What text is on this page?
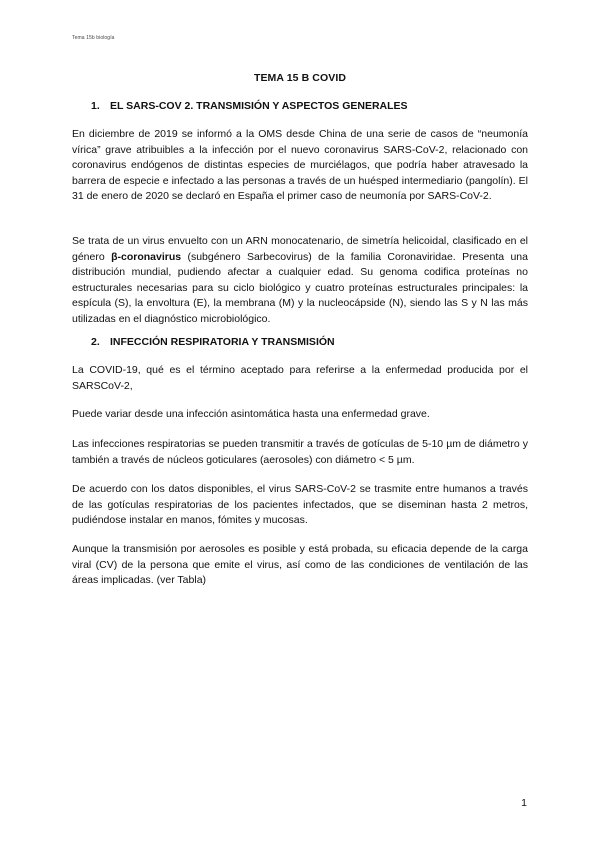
Tema 15b biología
TEMA 15 B COVID
1. EL SARS-COV 2. TRANSMISIÓN Y ASPECTOS GENERALES

En diciembre de 2019 se informó a la OMS desde China de una serie de casos de “neumonía vírica” grave atribuibles a la infección por el nuevo coronavirus SARS-CoV-2, relacionado con coronavirus endógenos de distintas especies de murciélagos, que podría haber atravesado la barrera de especie e infectado a las personas a través de un huésped intermediario (pangolín). El 31 de enero de 2020 se declaró en España el primer caso de neumonía por SARS-CoV-2.

Se trata de un virus envuelto con un ARN monocatenario, de simetría helicoidal, clasificado en el género β-coronavirus (subgénero Sarbecovirus) de la familia Coronaviridae. Presenta una distribución mundial, pudiendo afectar a cualquier edad. Su genoma codifica proteínas no estructurales necesarias para su ciclo biológico y cuatro proteínas estructurales principales: la espícula (S), la envoltura (E), la membrana (M) y la nucleocápside (N), siendo las S y N las más utilizadas en el diagnóstico microbiológico.

2. INFECCIÓN RESPIRATORIA Y TRANSMISIÓN

La COVID-19, qué es el término aceptado para referirse a la enfermedad producida por el SARSCoV-2,

Puede variar desde una infección asintomática hasta una enfermedad grave.

Las infecciones respiratorias se pueden transmitir a través de gotículas de 5-10 µm de diámetro y también a través de núcleos goticulares (aerosoles) con diámetro < 5 µm.

De acuerdo con los datos disponibles, el virus SARS-CoV-2 se trasmite entre humanos a través de las gotículas respiratorias de los pacientes infectados, que se diseminan hasta 2 metros, pudiéndose instalar en manos, fómites y mucosas.

Aunque la transmisión por aerosoles es posible y está probada, su eficacia depende de la carga viral (CV) de la persona que emite el virus, así como de las condiciones de ventilación de las áreas implicadas. (ver Tabla)

1
